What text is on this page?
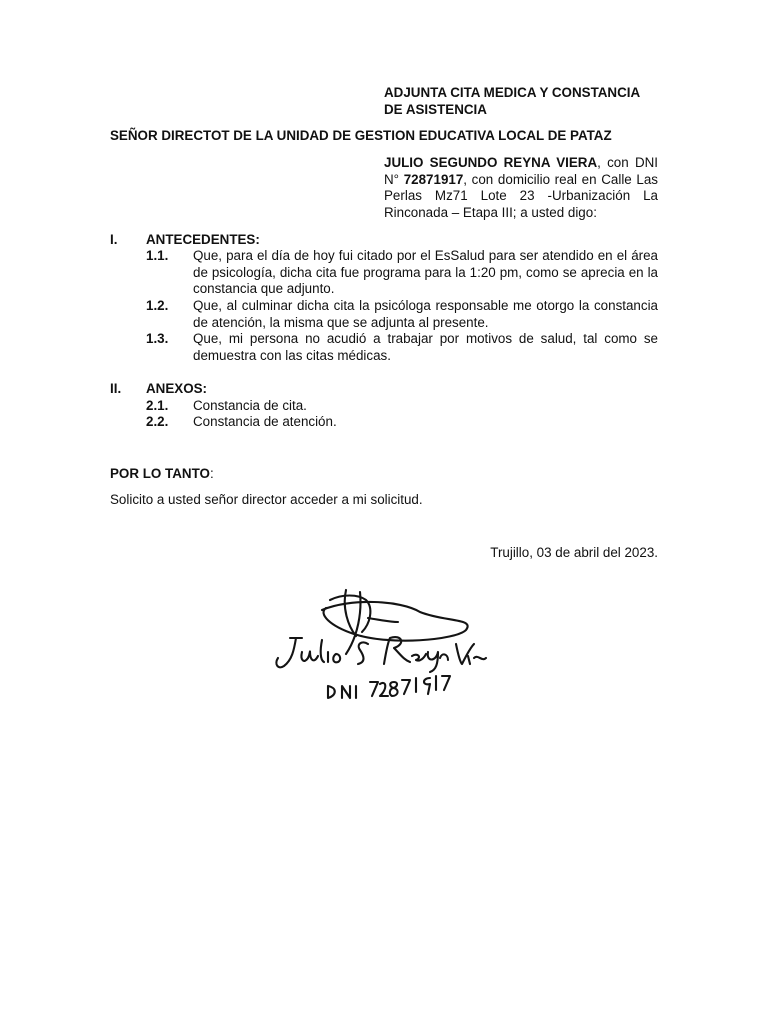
ADJUNTA CITA MEDICA Y CONSTANCIA
DE ASISTENCIA
SEÑOR DIRECTOT DE LA UNIDAD DE GESTION EDUCATIVA LOCAL DE PATAZ
JULIO SEGUNDO REYNA VIERA, con DNI N° 72871917, con domicilio real en Calle Las Perlas Mz71 Lote 23 -Urbanización La Rinconada – Etapa III; a usted digo:
I. ANTECEDENTES:
1.1. Que, para el día de hoy fui citado por el EsSalud para ser atendido en el área de psicología, dicha cita fue programa para la 1:20 pm, como se aprecia en la constancia que adjunto.
1.2. Que, al culminar dicha cita la psicóloga responsable me otorgo la constancia de atención, la misma que se adjunta al presente.
1.3. Que, mi persona no acudió a trabajar por motivos de salud, tal como se demuestra con las citas médicas.
II. ANEXOS:
2.1. Constancia de cita.
2.2. Constancia de atención.
POR LO TANTO:
Solicito a usted señor director acceder a mi solicitud.
Trujillo, 03 de abril del 2023.
